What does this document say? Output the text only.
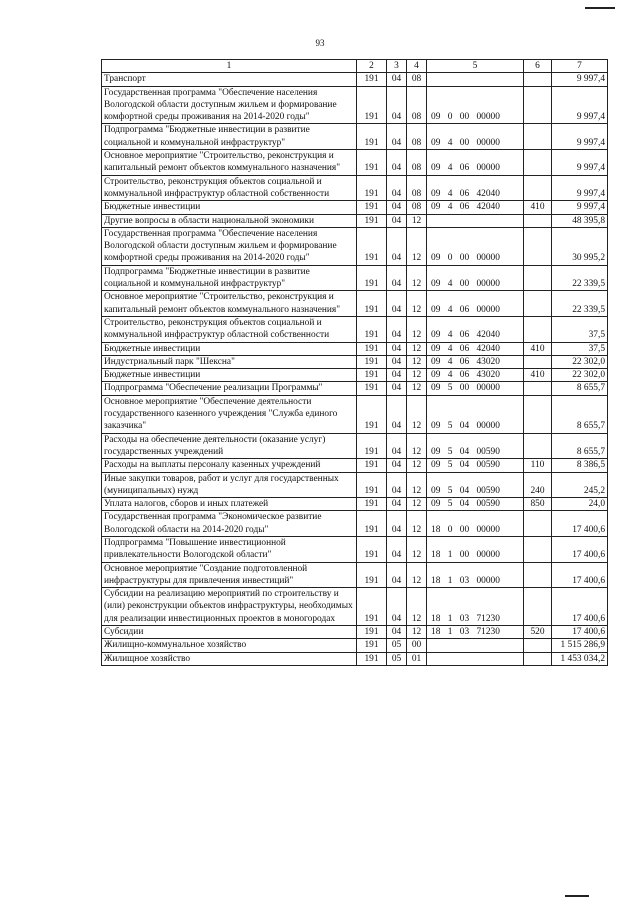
93
1	2	3	4	5	6	7
Транспорт	191	04	08			9 997,4
Государственная программа "Обеспечение населения Вологодской области доступным жильем и формирование комфортной среды проживания на 2014-2020 годы"	191	04	08	09 0 00 00000		9 997,4
Подпрограмма "Бюджетные инвестиции в развитие социальной и коммунальной инфраструктур"	191	04	08	09 4 00 00000		9 997,4
Основное мероприятие "Строительство, реконструкция и капитальный ремонт объектов коммунального назначения"	191	04	08	09 4 06 00000		9 997,4
Строительство, реконструкция объектов социальной и коммунальной инфраструктур областной собственности	191	04	08	09 4 06 42040		9 997,4
Бюджетные инвестиции	191	04	08	09 4 06 42040	410	9 997,4
Другие вопросы в области национальной экономики	191	04	12			48 395,8
Государственная программа "Обеспечение населения Вологодской области доступным жильем и формирование комфортной среды проживания на 2014-2020 годы"	191	04	12	09 0 00 00000		30 995,2
Подпрограмма "Бюджетные инвестиции в развитие социальной и коммунальной инфраструктур"	191	04	12	09 4 00 00000		22 339,5
Основное мероприятие "Строительство, реконструкция и капитальный ремонт объектов коммунального назначения"	191	04	12	09 4 06 00000		22 339,5
Строительство, реконструкция объектов социальной и коммунальной инфраструктур областной собственности	191	04	12	09 4 06 42040		37,5
Бюджетные инвестиции	191	04	12	09 4 06 42040	410	37,5
Индустриальный парк "Шексна"	191	04	12	09 4 06 43020		22 302,0
Бюджетные инвестиции	191	04	12	09 4 06 43020	410	22 302,0
Подпрограмма "Обеспечение реализации Программы"	191	04	12	09 5 00 00000		8 655,7
Основное мероприятие "Обеспечение деятельности государственного казенного учреждения "Служба единого заказчика"	191	04	12	09 5 04 00000		8 655,7
Расходы на обеспечение деятельности (оказание услуг) государственных учреждений	191	04	12	09 5 04 00590		8 655,7
Расходы на выплаты персоналу казенных учреждений	191	04	12	09 5 04 00590	110	8 386,5
Иные закупки товаров, работ и услуг для государственных (муниципальных) нужд	191	04	12	09 5 04 00590	240	245,2
Уплата налогов, сборов и иных платежей	191	04	12	09 5 04 00590	850	24,0
Государственная программа "Экономическое развитие Вологодской области на 2014-2020 годы"	191	04	12	18 0 00 00000		17 400,6
Подпрограмма "Повышение инвестиционной привлекательности Вологодской области"	191	04	12	18 1 00 00000		17 400,6
Основное мероприятие "Создание подготовленной инфраструктуры для привлечения инвестиций"	191	04	12	18 1 03 00000		17 400,6
Субсидии на реализацию мероприятий по строительству и (или) реконструкции объектов инфраструктуры, необходимых для реализации инвестиционных проектов в моногородах	191	04	12	18 1 03 71230		17 400,6
Субсидии	191	04	12	18 1 03 71230	520	17 400,6
Жилищно-коммунальное хозяйство	191	05	00			1 515 286,9
Жилищное хозяйство	191	05	01			1 453 034,2
